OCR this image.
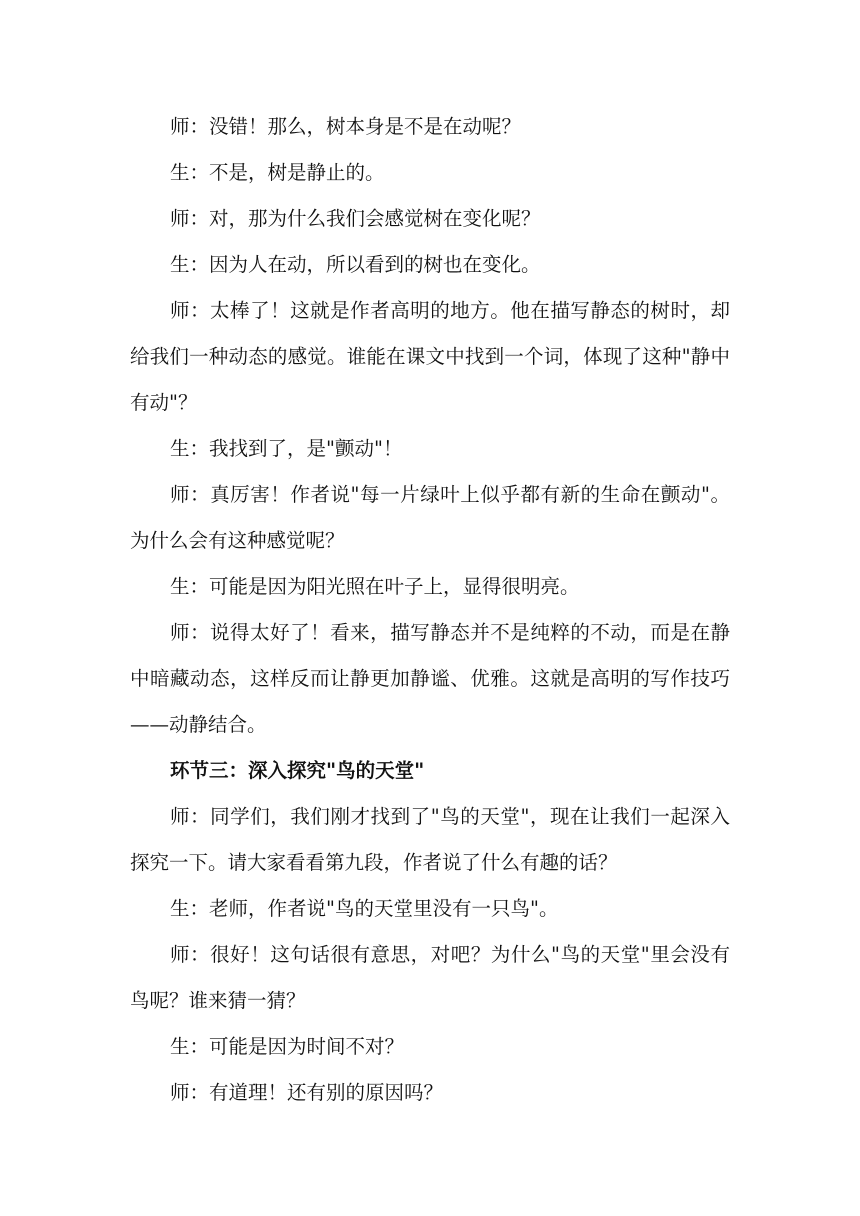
师：没错！那么，树本身是不是在动呢？

生：不是，树是静止的。

师：对，那为什么我们会感觉树在变化呢？

生：因为人在动，所以看到的树也在变化。

师：太棒了！这就是作者高明的地方。他在描写静态的树时，却给我们一种动态的感觉。谁能在课文中找到一个词，体现了这种"静中有动"？

生：我找到了，是"颤动"！

师：真厉害！作者说"每一片绿叶上似乎都有新的生命在颤动"。为什么会有这种感觉呢？

生：可能是因为阳光照在叶子上，显得很明亮。

师：说得太好了！看来，描写静态并不是纯粹的不动，而是在静中暗藏动态，这样反而让静更加静谧、优雅。这就是高明的写作技巧——动静结合。

环节三：深入探究"鸟的天堂"

师：同学们，我们刚才找到了"鸟的天堂"，现在让我们一起深入探究一下。请大家看看第九段，作者说了什么有趣的话？

生：老师，作者说"鸟的天堂里没有一只鸟"。

师：很好！这句话很有意思，对吧？为什么"鸟的天堂"里会没有鸟呢？谁来猜一猜？

生：可能是因为时间不对？

师：有道理！还有别的原因吗？
